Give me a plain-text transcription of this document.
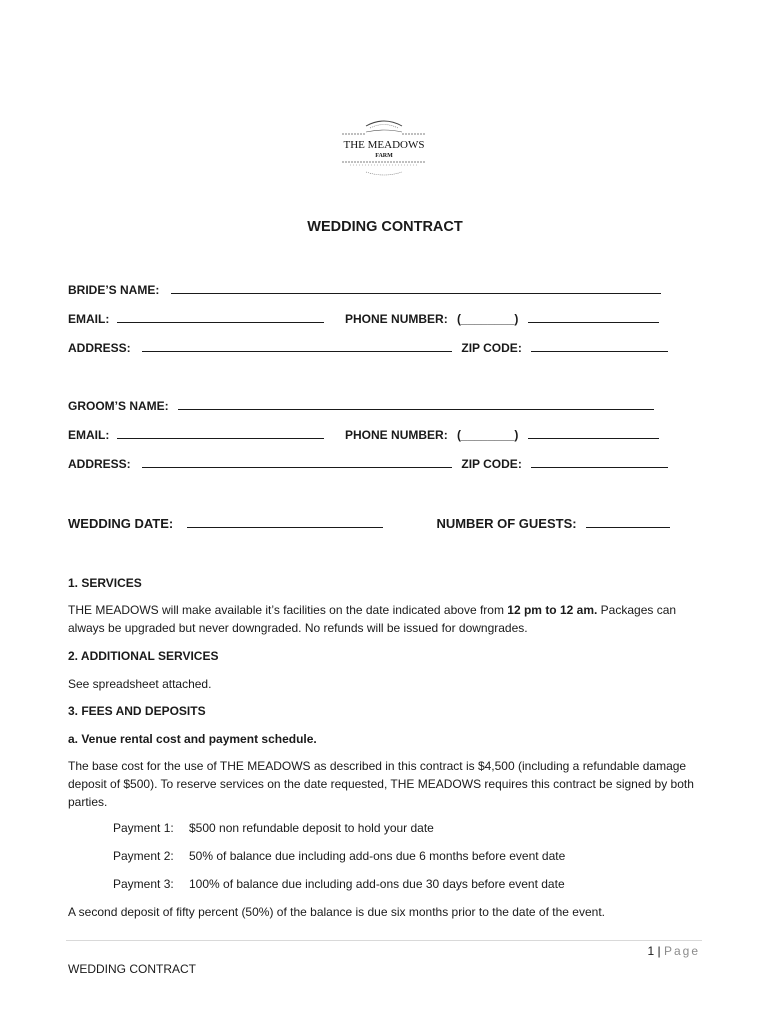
THE MEADOWS
FARM
WEDDING CONTRACT
BRIDE’S NAME:
EMAIL:	PHONE NUMBER: (________)
ADDRESS:	ZIP CODE:
GROOM’S NAME:
EMAIL:	PHONE NUMBER: (________)
ADDRESS:	ZIP CODE:
WEDDING DATE:	NUMBER OF GUESTS:
1. SERVICES
THE MEADOWS will make available it’s facilities on the date indicated above from 12 pm to 12 am. Packages can always be upgraded but never downgraded. No refunds will be issued for downgrades.
2. ADDITIONAL SERVICES
See spreadsheet attached.
3. FEES AND DEPOSITS
a. Venue rental cost and payment schedule.
The base cost for the use of THE MEADOWS as described in this contract is $4,500 (including a refundable damage deposit of $500). To reserve services on the date requested, THE MEADOWS requires this contract be signed by both parties.
Payment 1: $500 non refundable deposit to hold your date
Payment 2: 50% of balance due including add-ons due 6 months before event date
Payment 3: 100% of balance due including add-ons due 30 days before event date
A second deposit of fifty percent (50%) of the balance is due six months prior to the date of the event.
1 | Page
WEDDING CONTRACT
